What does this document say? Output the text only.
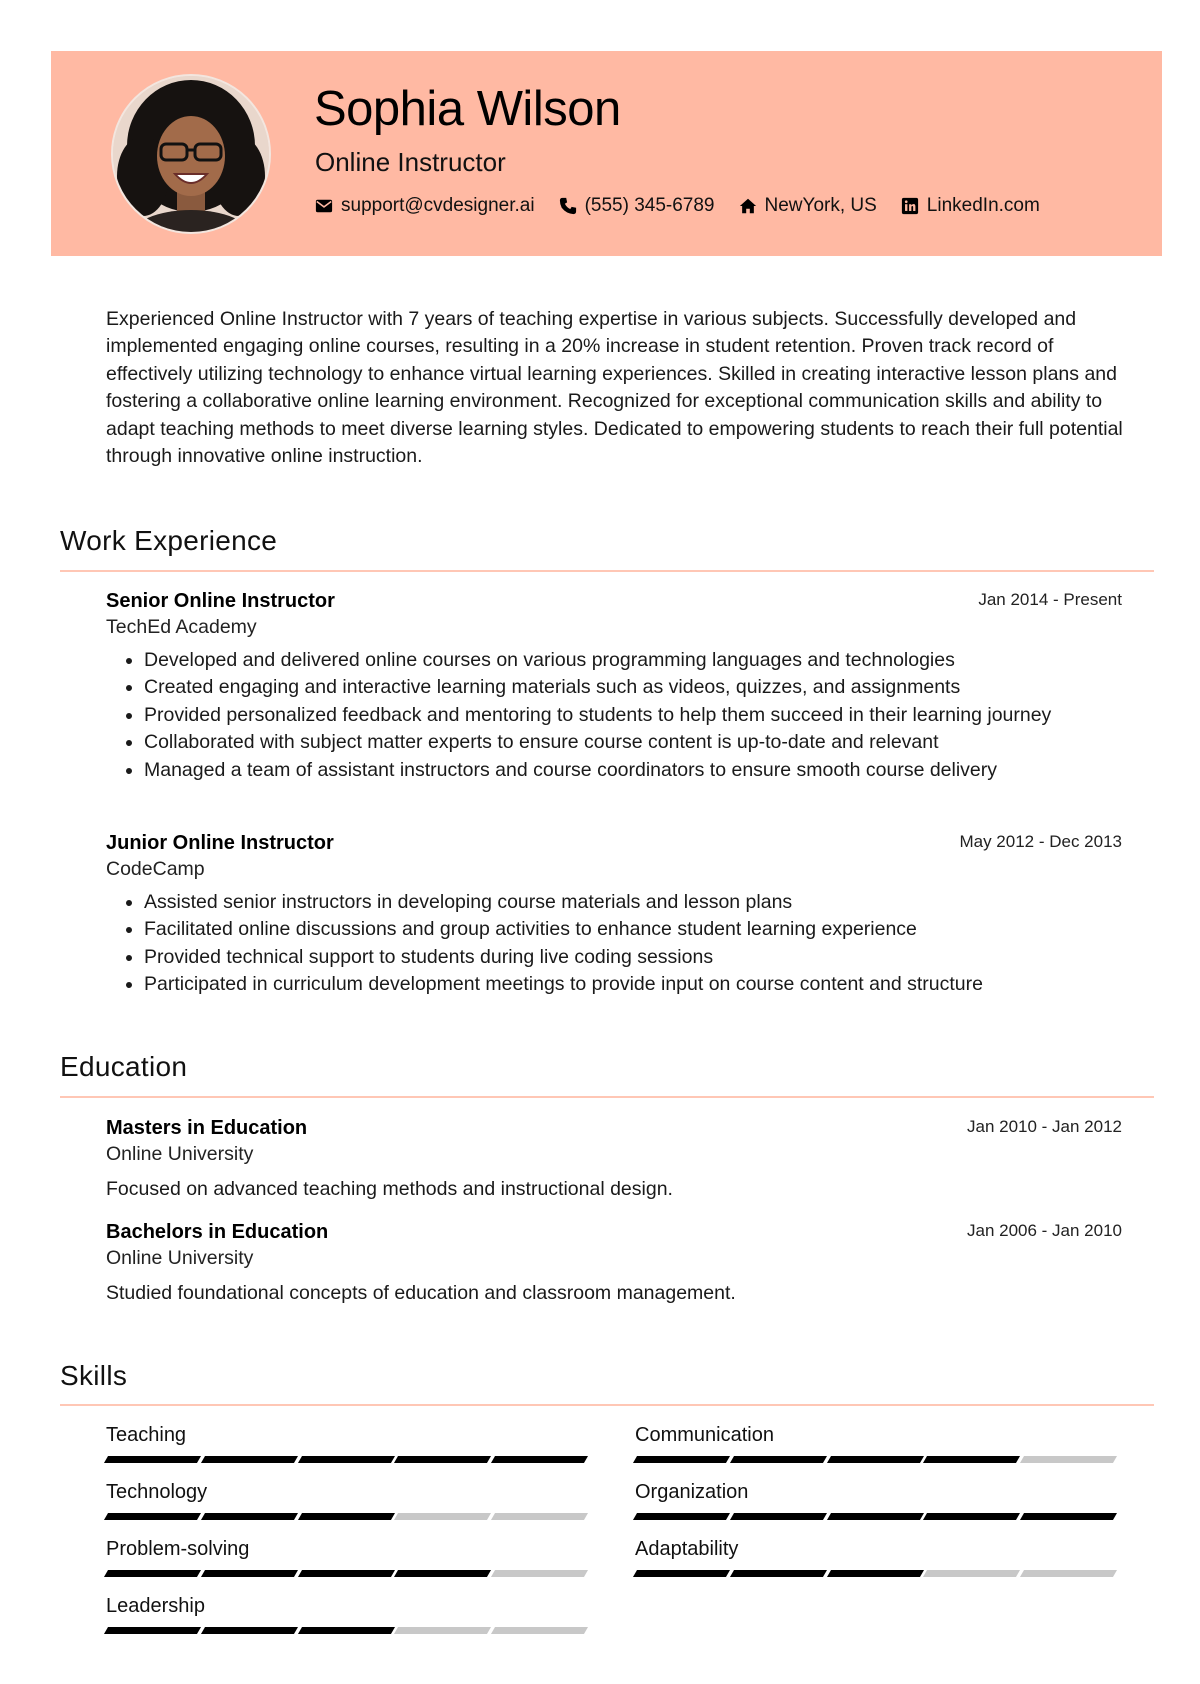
Sophia Wilson
Online Instructor
support@cvdesigner.ai	(555) 345-6789	NewYork, US	LinkedIn.com
Experienced Online Instructor with 7 years of teaching expertise in various subjects. Successfully developed and implemented engaging online courses, resulting in a 20% increase in student retention. Proven track record of effectively utilizing technology to enhance virtual learning experiences. Skilled in creating interactive lesson plans and fostering a collaborative online learning environment. Recognized for exceptional communication skills and ability to adapt teaching methods to meet diverse learning styles. Dedicated to empowering students to reach their full potential through innovative online instruction.
Work Experience
Senior Online Instructor	Jan 2014 - Present
TechEd Academy
• Developed and delivered online courses on various programming languages and technologies
• Created engaging and interactive learning materials such as videos, quizzes, and assignments
• Provided personalized feedback and mentoring to students to help them succeed in their learning journey
• Collaborated with subject matter experts to ensure course content is up-to-date and relevant
• Managed a team of assistant instructors and course coordinators to ensure smooth course delivery
Junior Online Instructor	May 2012 - Dec 2013
CodeCamp
• Assisted senior instructors in developing course materials and lesson plans
• Facilitated online discussions and group activities to enhance student learning experience
• Provided technical support to students during live coding sessions
• Participated in curriculum development meetings to provide input on course content and structure
Education
Masters in Education	Jan 2010 - Jan 2012
Online University
Focused on advanced teaching methods and instructional design.
Bachelors in Education	Jan 2006 - Jan 2010
Online University
Studied foundational concepts of education and classroom management.
Skills
Teaching	Communication
Technology	Organization
Problem-solving	Adaptability
Leadership
